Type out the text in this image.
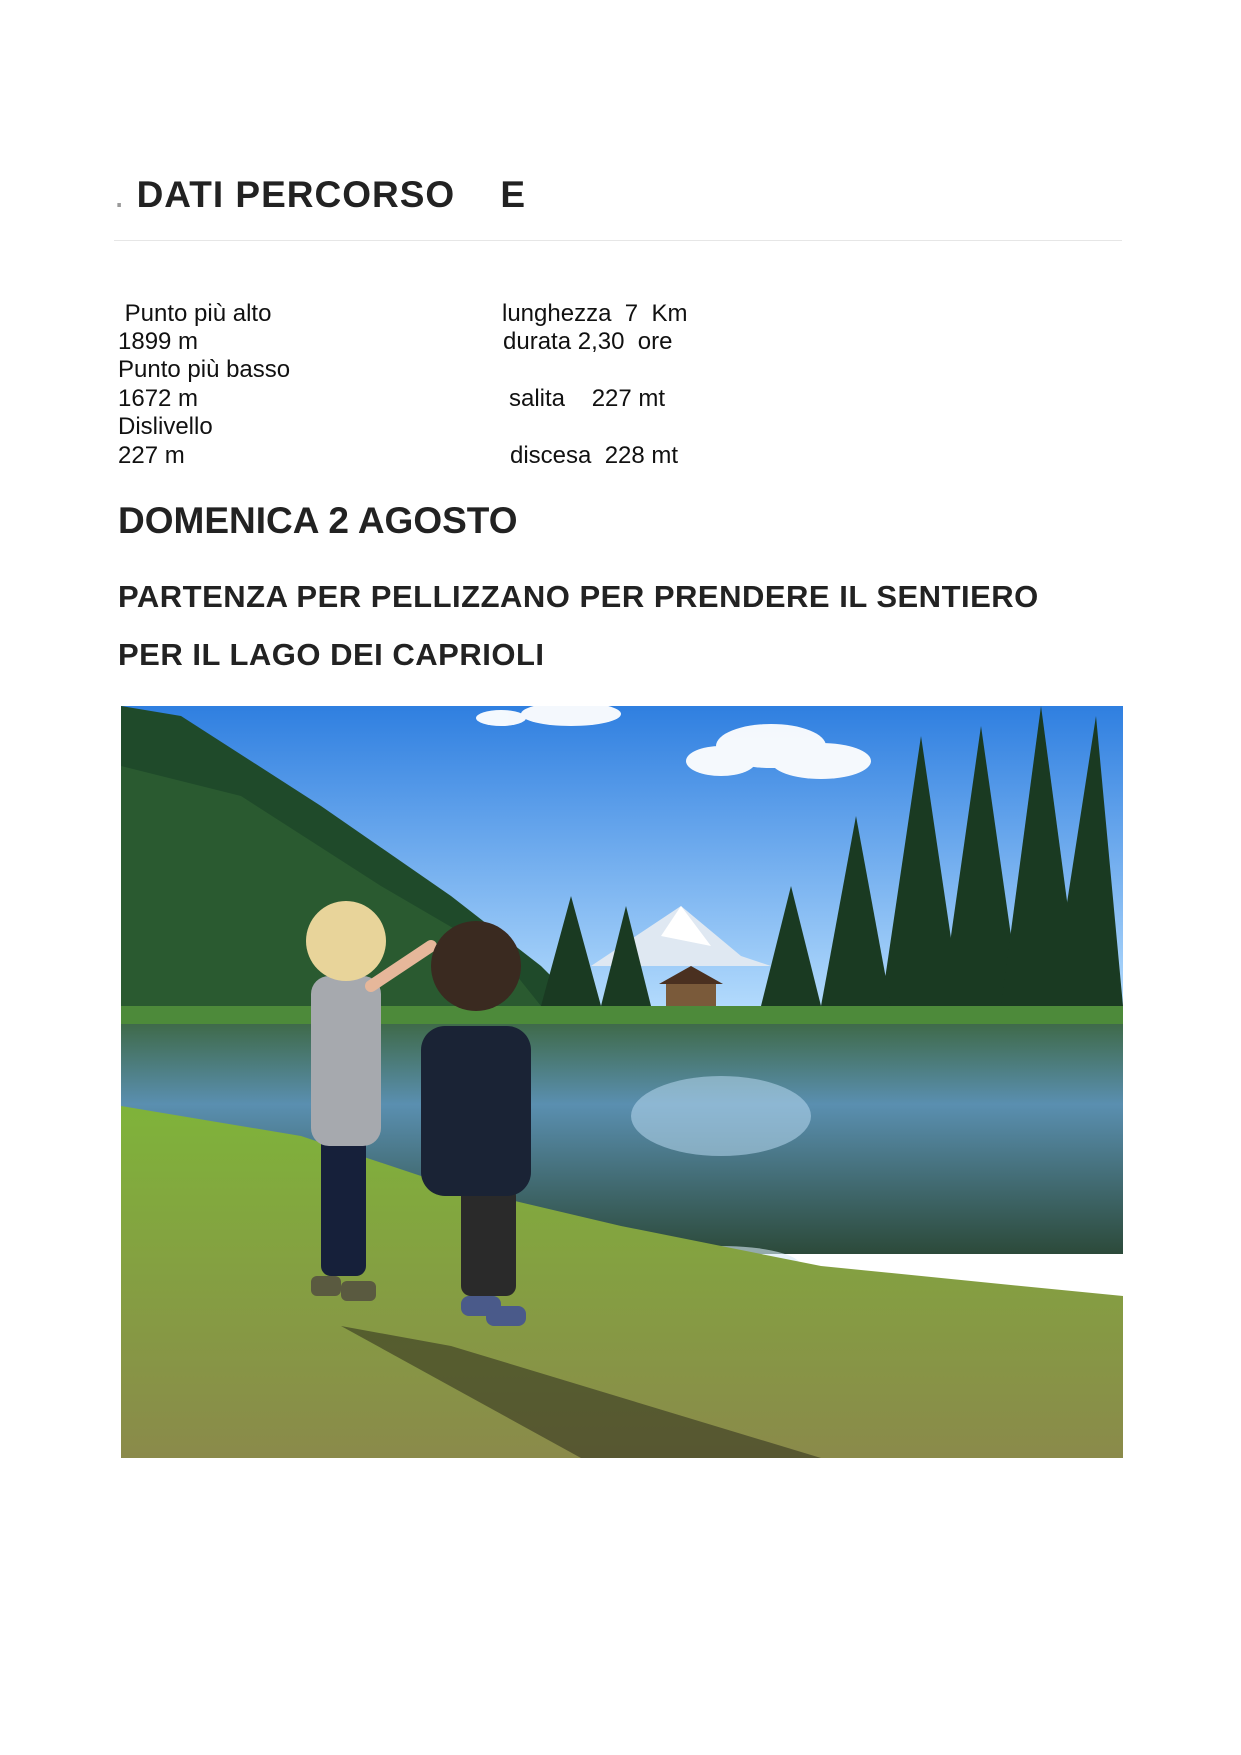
. DATI PERCORSO E
Punto più alto
1899 m
Punto più basso
1672 m
Dislivello
227 m
lunghezza  7  Km
durata 2,30  ore
salita    227 mt
discesa  228 mt
DOMENICA 2 AGOSTO
PARTENZA PER PELLIZZANO PER PRENDERE IL SENTIERO
PER IL LAGO DEI CAPRIOLI
